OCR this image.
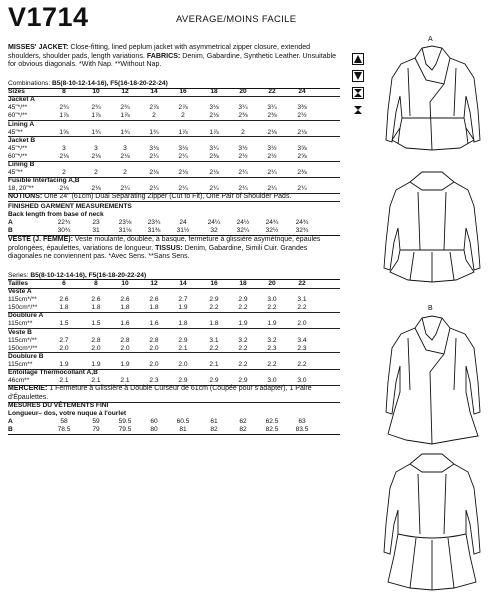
V1714	AVERAGE/MOINS FACILE
MISSES' JACKET: Close-fitting, lined peplum jacket with asymmetrical zipper closure, extended shoulders, shoulder pads, length variations. FABRICS: Denim, Gabardine, Synthetic Leather. Unsuitable for obvious diagonals. *With Nap. **Without Nap.
Combinations: B5(8-10-12-14-16), F5(16-18-20-22-24)
Sizes	8	10	12	14	16	18	20	22	24
Jacket A
45"*/**	2¾	2¾	2¾	2⅞	2⅞	3⅛	3¼	3¼	3⅜
60"*/**	1⅞	1⅞	1⅞	2	2	2⅛	2⅜	2⅜	2½
Lining A
45"**	1⅝	1¾	1¾	1¾	1⅞	1⅞	2	2⅛	2⅛
Jacket B
45"*/**	3	3	3	3⅛	3⅛	3¼	3½	3½	3⅝
60"*/**	2⅛	2⅛	2⅛	2¼	2¼	2⅜	2½	2½	2⅝
Lining B
45"**	2	2	2	2⅛	2⅛	2⅛	2¼	2¼	2⅜
Fusible Interfacing A,B
18, 20"**	2⅛	2⅛	2¼	2¼	2¼	2¼	2¼	2¼	2¼
NOTIONS: One 24" (61cm) Dual Separating Zipper (Cut to Fit), One Pair of Shoulder Pads.
FINISHED GARMENT MEASUREMENTS
Back length from base of neck
A	22¾	23	23⅛	23¾	24	24¼	24½	24¾	24¾
B	30¾	31	31⅛	31⅜	31½	32	32¼	32½	32¾
VESTE (J. FEMME): Veste moulante, doublée, à basque, fermeture à glissière asymétrique, épaules prolongées, épaulettes, variations de longueur. TISSUS: Denim, Gabardine, Simili Cuir. Grandes diagonales ne conviennent pas. *Avec Sens. **Sans Sens.
Series: B5(8-10-12-14-16), F5(16-18-20-22-24)
Tailles	6	8	10	12	14	16	18	20	22
Veste A
115cm*/**	2.6	2.6	2.6	2.6	2.7	2.9	2.9	3.0	3.1
150cm*/**	1.8	1.8	1.8	1.8	1.9	2.2	2.2	2.2	2.2
Doublure A
115cm**	1.5	1.5	1.6	1.6	1.8	1.8	1.9	1.9	2.0
Veste B
115cm*/**	2.7	2.8	2.8	2.8	2.9	3.1	3.2	3.2	3.4
150cm*/**	2.0	2.0	2.0	2.0	2.1	2.2	2.2	2.3	2.3
Doublure B
115cm**	1.9	1.9	1.9	2.0	2.0	2.1	2.2	2.2	2.2
Entoilage Thermocollant A,B
46cm**	2.1	2.1	2.1	2.3	2.9	2.9	2.9	3.0	3.0
MERCERIE: 1 Fermeture à Glissière à Double Curseur de 61cm (Coupée pour s'adapter), 1 Paire d'Épaulettes.
MESURES DU VÊTEMENTS FINI
Longueur– dos, votre nuque à l'ourlet
A	58	59	59.5	60	60.5	61	62	62.5	63
B	78.5	79	79.5	80	81	82	82	82.5	83.5
A
B
